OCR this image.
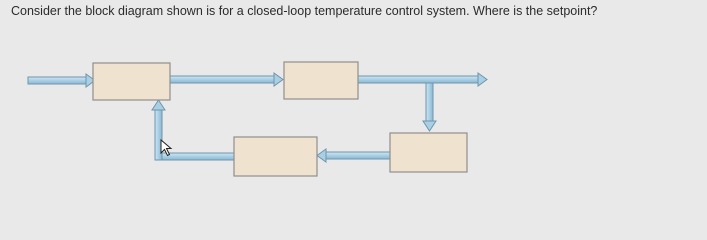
Consider the block diagram shown is for a closed-loop temperature control system. Where is the setpoint?
